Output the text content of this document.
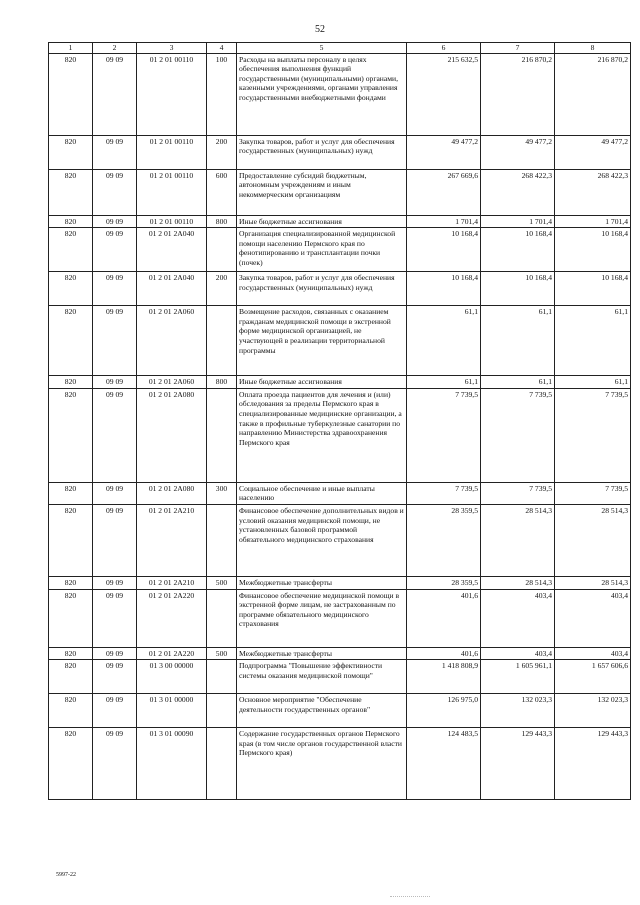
52
1	2	3	4	5	6	7	8
820	09 09	01 2 01 00110	100	Расходы на выплаты персоналу в целях обеспечения выполнения функций государственными (муниципальными) органами, казенными учреждениями, органами управления государственными внебюджетными фондами	215 632,5	216 870,2	216 870,2
820	09 09	01 2 01 00110	200	Закупка товаров, работ и услуг для обеспечения государственных (муниципальных) нужд	49 477,2	49 477,2	49 477,2
820	09 09	01 2 01 00110	600	Предоставление субсидий бюджетным, автономным учреждениям и иным некоммерческим организациям	267 669,6	268 422,3	268 422,3
820	09 09	01 2 01 00110	800	Иные бюджетные ассигнования	1 701,4	1 701,4	1 701,4
820	09 09	01 2 01 2A040		Организация специализированной медицинской помощи населению Пермского края по фенотипированию и трансплантации почки (почек)	10 168,4	10 168,4	10 168,4
820	09 09	01 2 01 2A040	200	Закупка товаров, работ и услуг для обеспечения государственных (муниципальных) нужд	10 168,4	10 168,4	10 168,4
820	09 09	01 2 01 2A060		Возмещение расходов, связанных с оказанием гражданам медицинской помощи в экстренной форме медицинской организацией, не участвующей в реализации территориальной программы	61,1	61,1	61,1
820	09 09	01 2 01 2A060	800	Иные бюджетные ассигнования	61,1	61,1	61,1
820	09 09	01 2 01 2A080		Оплата проезда пациентов для лечения и (или) обследования за пределы Пермского края в специализированные медицинские организации, а также в профильные туберкулезные санатории по направлению Министерства здравоохранения Пермского края	7 739,5	7 739,5	7 739,5
820	09 09	01 2 01 2A080	300	Социальное обеспечение и иные выплаты населению	7 739,5	7 739,5	7 739,5
820	09 09	01 2 01 2A210		Финансовое обеспечение дополнительных видов и условий оказания медицинской помощи, не установленных базовой программой обязательного медицинского страхования	28 359,5	28 514,3	28 514,3
820	09 09	01 2 01 2A210	500	Межбюджетные трансферты	28 359,5	28 514,3	28 514,3
820	09 09	01 2 01 2A220		Финансовое обеспечение медицинской помощи в экстренной форме лицам, не застрахованным по программе обязательного медицинского страхования	401,6	403,4	403,4
820	09 09	01 2 01 2A220	500	Межбюджетные трансферты	401,6	403,4	403,4
820	09 09	01 3 00 00000		Подпрограмма "Повышение эффективности системы оказания медицинской помощи"	1 418 808,9	1 605 961,1	1 657 606,6
820	09 09	01 3 01 00000		Основное мероприятие "Обеспечение деятельности государственных органов"	126 975,0	132 023,3	132 023,3
820	09 09	01 3 01 00090		Содержание государственных органов Пермского края (в том числе органов государственной власти Пермского края)	124 483,5	129 443,3	129 443,3
5997-22
